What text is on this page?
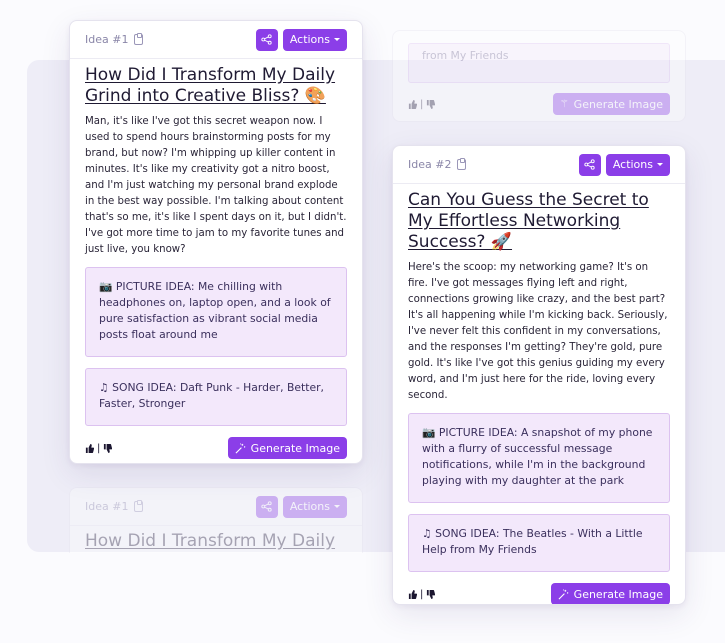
from My Friends
|	⚚ Generate Image
Idea #1	Actions
How Did I Transform My Daily
Idea #1	Actions
How Did I Transform My Daily Grind into Creative Bliss? 🎨
Man, it's like I've got this secret weapon now. I used to spend hours brainstorming posts for my brand, but now? I'm whipping up killer content in minutes. It's like my creativity got a nitro boost, and I'm just watching my personal brand explode in the best way possible. I'm talking about content that's so me, it's like I spent days on it, but I didn't. I've got more time to jam to my favorite tunes and just live, you know?
📷 PICTURE IDEA: Me chilling with headphones on, laptop open, and a look of pure satisfaction as vibrant social media posts float around me
♫ SONG IDEA: Daft Punk - Harder, Better, Faster, Stronger
|	Generate Image
Idea #2	Actions
Can You Guess the Secret to My Effortless Networking Success? 🚀
Here's the scoop: my networking game? It's on fire. I've got messages flying left and right, connections growing like crazy, and the best part? It's all happening while I'm kicking back. Seriously, I've never felt this confident in my conversations, and the responses I'm getting? They're gold, pure gold. It's like I've got this genius guiding my every word, and I'm just here for the ride, loving every second.
📷 PICTURE IDEA: A snapshot of my phone with a flurry of successful message notifications, while I'm in the background playing with my daughter at the park
♫ SONG IDEA: The Beatles - With a Little Help from My Friends
|	Generate Image
